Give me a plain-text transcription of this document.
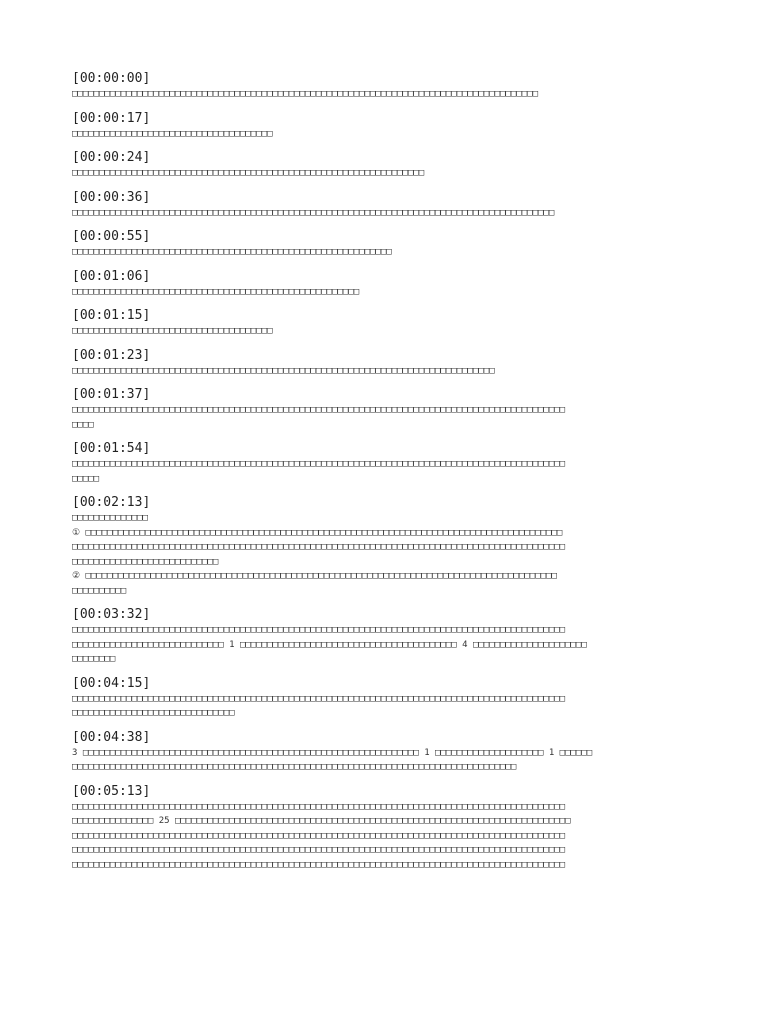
[00:00:00]
□□□□□□□□□□□□□□□□□□□□□□□□□□□□□□□□□□□□□□□□□□□□□□□□□□□□□□□□□□□□□□□□□□□□□□□□□□□□□□□□□□□□□□
[00:00:17]
□□□□□□□□□□□□□□□□□□□□□□□□□□□□□□□□□□□□□
[00:00:24]
□□□□□□□□□□□□□□□□□□□□□□□□□□□□□□□□□□□□□□□□□□□□□□□□□□□□□□□□□□□□□□□□□
[00:00:36]
□□□□□□□□□□□□□□□□□□□□□□□□□□□□□□□□□□□□□□□□□□□□□□□□□□□□□□□□□□□□□□□□□□□□□□□□□□□□□□□□□□□□□□□□□
[00:00:55]
□□□□□□□□□□□□□□□□□□□□□□□□□□□□□□□□□□□□□□□□□□□□□□□□□□□□□□□□□□□
[00:01:06]
□□□□□□□□□□□□□□□□□□□□□□□□□□□□□□□□□□□□□□□□□□□□□□□□□□□□□
[00:01:15]
□□□□□□□□□□□□□□□□□□□□□□□□□□□□□□□□□□□□□
[00:01:23]
□□□□□□□□□□□□□□□□□□□□□□□□□□□□□□□□□□□□□□□□□□□□□□□□□□□□□□□□□□□□□□□□□□□□□□□□□□□□□□
[00:01:37]
□□□□□□□□□□□□□□□□□□□□□□□□□□□□□□□□□□□□□□□□□□□□□□□□□□□□□□□□□□□□□□□□□□□□□□□□□□□□□□□□□□□□□□□□□□□
□□□□
[00:01:54]
□□□□□□□□□□□□□□□□□□□□□□□□□□□□□□□□□□□□□□□□□□□□□□□□□□□□□□□□□□□□□□□□□□□□□□□□□□□□□□□□□□□□□□□□□□□
□□□□□
[00:02:13]
□□□□□□□□□□□□□□
① □□□□□□□□□□□□□□□□□□□□□□□□□□□□□□□□□□□□□□□□□□□□□□□□□□□□□□□□□□□□□□□□□□□□□□□□□□□□□□□□□□□□□□□□
□□□□□□□□□□□□□□□□□□□□□□□□□□□□□□□□□□□□□□□□□□□□□□□□□□□□□□□□□□□□□□□□□□□□□□□□□□□□□□□□□□□□□□□□□□□
□□□□□□□□□□□□□□□□□□□□□□□□□□□
② □□□□□□□□□□□□□□□□□□□□□□□□□□□□□□□□□□□□□□□□□□□□□□□□□□□□□□□□□□□□□□□□□□□□□□□□□□□□□□□□□□□□□□□
□□□□□□□□□□
[00:03:32]
□□□□□□□□□□□□□□□□□□□□□□□□□□□□□□□□□□□□□□□□□□□□□□□□□□□□□□□□□□□□□□□□□□□□□□□□□□□□□□□□□□□□□□□□□□□
□□□□□□□□□□□□□□□□□□□□□□□□□□□□ 1 □□□□□□□□□□□□□□□□□□□□□□□□□□□□□□□□□□□□□□□□ 4 □□□□□□□□□□□□□□□□□□□□□
□□□□□□□□
[00:04:15]
□□□□□□□□□□□□□□□□□□□□□□□□□□□□□□□□□□□□□□□□□□□□□□□□□□□□□□□□□□□□□□□□□□□□□□□□□□□□□□□□□□□□□□□□□□□
□□□□□□□□□□□□□□□□□□□□□□□□□□□□□□
[00:04:38]
3 □□□□□□□□□□□□□□□□□□□□□□□□□□□□□□□□□□□□□□□□□□□□□□□□□□□□□□□□□□□□□□ 1 □□□□□□□□□□□□□□□□□□□□ 1 □□□□□□
□□□□□□□□□□□□□□□□□□□□□□□□□□□□□□□□□□□□□□□□□□□□□□□□□□□□□□□□□□□□□□□□□□□□□□□□□□□□□□□□□□
[00:05:13]
□□□□□□□□□□□□□□□□□□□□□□□□□□□□□□□□□□□□□□□□□□□□□□□□□□□□□□□□□□□□□□□□□□□□□□□□□□□□□□□□□□□□□□□□□□□
□□□□□□□□□□□□□□□ 25 □□□□□□□□□□□□□□□□□□□□□□□□□□□□□□□□□□□□□□□□□□□□□□□□□□□□□□□□□□□□□□□□□□□□□□□□□
□□□□□□□□□□□□□□□□□□□□□□□□□□□□□□□□□□□□□□□□□□□□□□□□□□□□□□□□□□□□□□□□□□□□□□□□□□□□□□□□□□□□□□□□□□□
□□□□□□□□□□□□□□□□□□□□□□□□□□□□□□□□□□□□□□□□□□□□□□□□□□□□□□□□□□□□□□□□□□□□□□□□□□□□□□□□□□□□□□□□□□□
□□□□□□□□□□□□□□□□□□□□□□□□□□□□□□□□□□□□□□□□□□□□□□□□□□□□□□□□□□□□□□□□□□□□□□□□□□□□□□□□□□□□□□□□□□□
